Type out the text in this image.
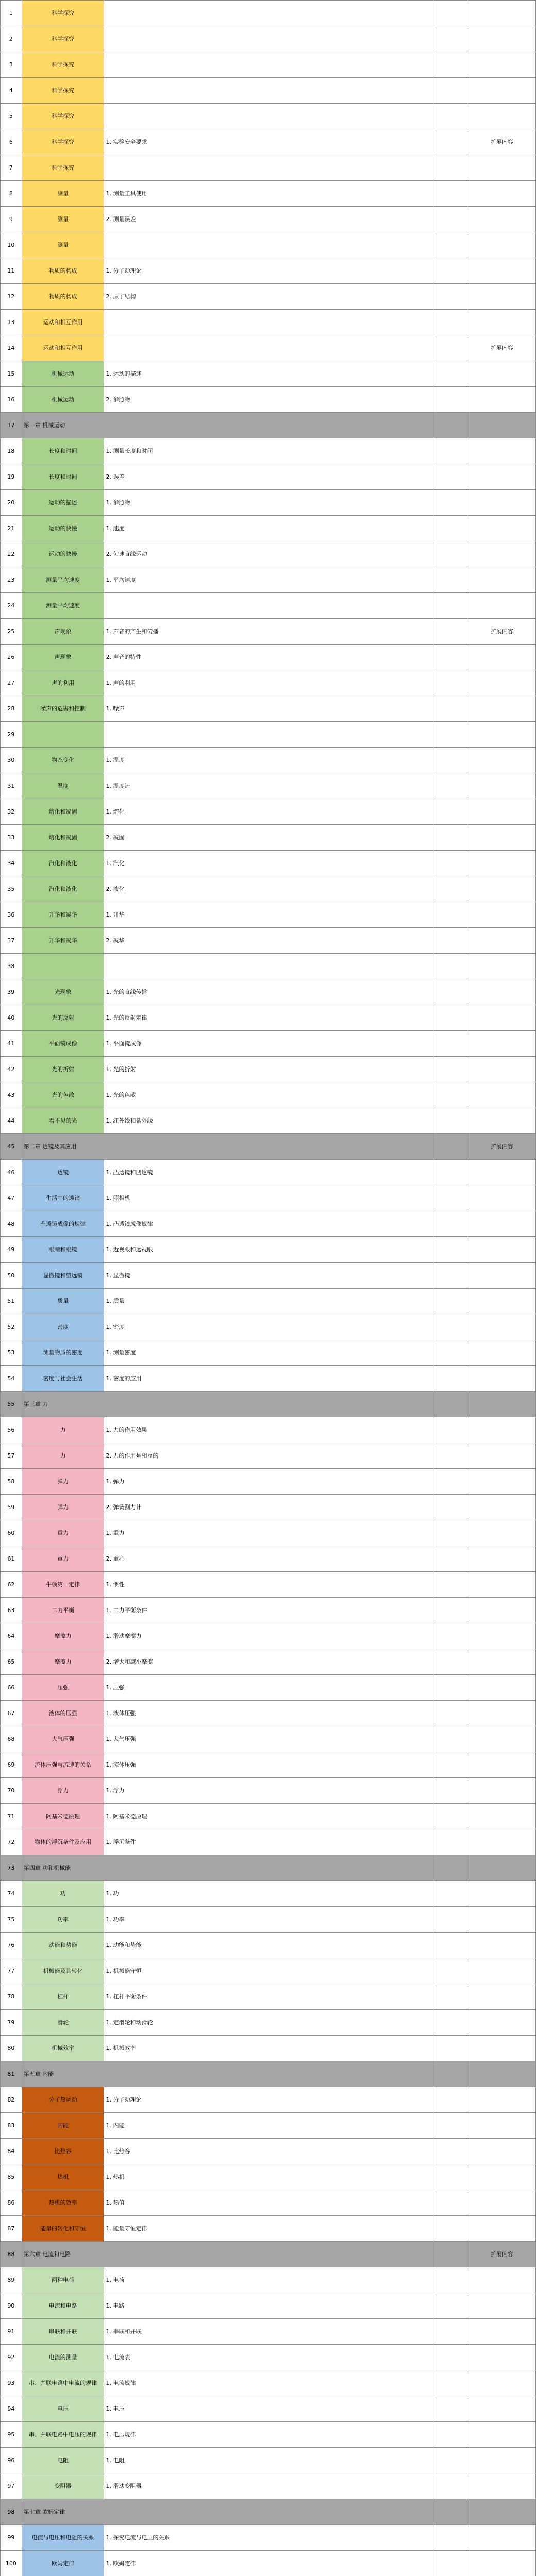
1	科学探究			
2	科学探究			
3	科学探究			
4	科学探究			
5	科学探究			
6	科学探究	1. 实验安全要求		扩展内容
7	科学探究			
8	测量	1. 测量工具使用		
9	测量	2. 测量误差		
10	测量			
11	物质的构成	1. 分子动理论		
12	物质的构成	2. 原子结构		
13	运动和相互作用			
14	运动和相互作用			扩展内容
15	机械运动	1. 运动的描述		
16	机械运动	2. 参照物		
17	第一章 机械运动			
18	长度和时间	1. 测量长度和时间		
19	长度和时间	2. 误差		
20	运动的描述	1. 参照物		
21	运动的快慢	1. 速度		
22	运动的快慢	2. 匀速直线运动		
23	测量平均速度	1. 平均速度		
24	测量平均速度			
25	声现象	1. 声音的产生和传播		扩展内容
26	声现象	2. 声音的特性		
27	声的利用	1. 声的利用		
28	噪声的危害和控制	1. 噪声		
29				
30	物态变化	1. 温度		
31	温度	1. 温度计		
32	熔化和凝固	1. 熔化		
33	熔化和凝固	2. 凝固		
34	汽化和液化	1. 汽化		
35	汽化和液化	2. 液化		
36	升华和凝华	1. 升华		
37	升华和凝华	2. 凝华		
38				
39	光现象	1. 光的直线传播		
40	光的反射	1. 光的反射定律		
41	平面镜成像	1. 平面镜成像		
42	光的折射	1. 光的折射		
43	光的色散	1. 光的色散		
44	看不见的光	1. 红外线和紫外线		
45	第二章 透镜及其应用			扩展内容
46	透镜	1. 凸透镜和凹透镜		
47	生活中的透镜	1. 照相机		
48	凸透镜成像的规律	1. 凸透镜成像规律		
49	眼睛和眼镜	1. 近视眼和远视眼		
50	显微镜和望远镜	1. 显微镜		
51	质量	1. 质量		
52	密度	1. 密度		
53	测量物质的密度	1. 测量密度		
54	密度与社会生活	1. 密度的应用		
55	第三章 力			
56	力	1. 力的作用效果		
57	力	2. 力的作用是相互的		
58	弹力	1. 弹力		
59	弹力	2. 弹簧测力计		
60	重力	1. 重力		
61	重力	2. 重心		
62	牛顿第一定律	1. 惯性		
63	二力平衡	1. 二力平衡条件		
64	摩擦力	1. 滑动摩擦力		
65	摩擦力	2. 增大和减小摩擦		
66	压强	1. 压强		
67	液体的压强	1. 液体压强		
68	大气压强	1. 大气压强		
69	流体压强与流速的关系	1. 流体压强		
70	浮力	1. 浮力		
71	阿基米德原理	1. 阿基米德原理		
72	物体的浮沉条件及应用	1. 浮沉条件		
73	第四章 功和机械能			
74	功	1. 功		
75	功率	1. 功率		
76	动能和势能	1. 动能和势能		
77	机械能及其转化	1. 机械能守恒		
78	杠杆	1. 杠杆平衡条件		
79	滑轮	1. 定滑轮和动滑轮		
80	机械效率	1. 机械效率		
81	第五章 内能			
82	分子热运动	1. 分子动理论		
83	内能	1. 内能		
84	比热容	1. 比热容		
85	热机	1. 热机		
86	热机的效率	1. 热值		
87	能量的转化和守恒	1. 能量守恒定律		
88	第六章 电流和电路			扩展内容
89	两种电荷	1. 电荷		
90	电流和电路	1. 电路		
91	串联和并联	1. 串联和并联		
92	电流的测量	1. 电流表		
93	串、并联电路中电流的规律	1. 电流规律		
94	电压	1. 电压		
95	串、并联电路中电压的规律	1. 电压规律		
96	电阻	1. 电阻		
97	变阻器	1. 滑动变阻器		
98	第七章 欧姆定律			
99	电流与电压和电阻的关系	1. 探究电流与电压的关系		
100	欧姆定律	1. 欧姆定律		
